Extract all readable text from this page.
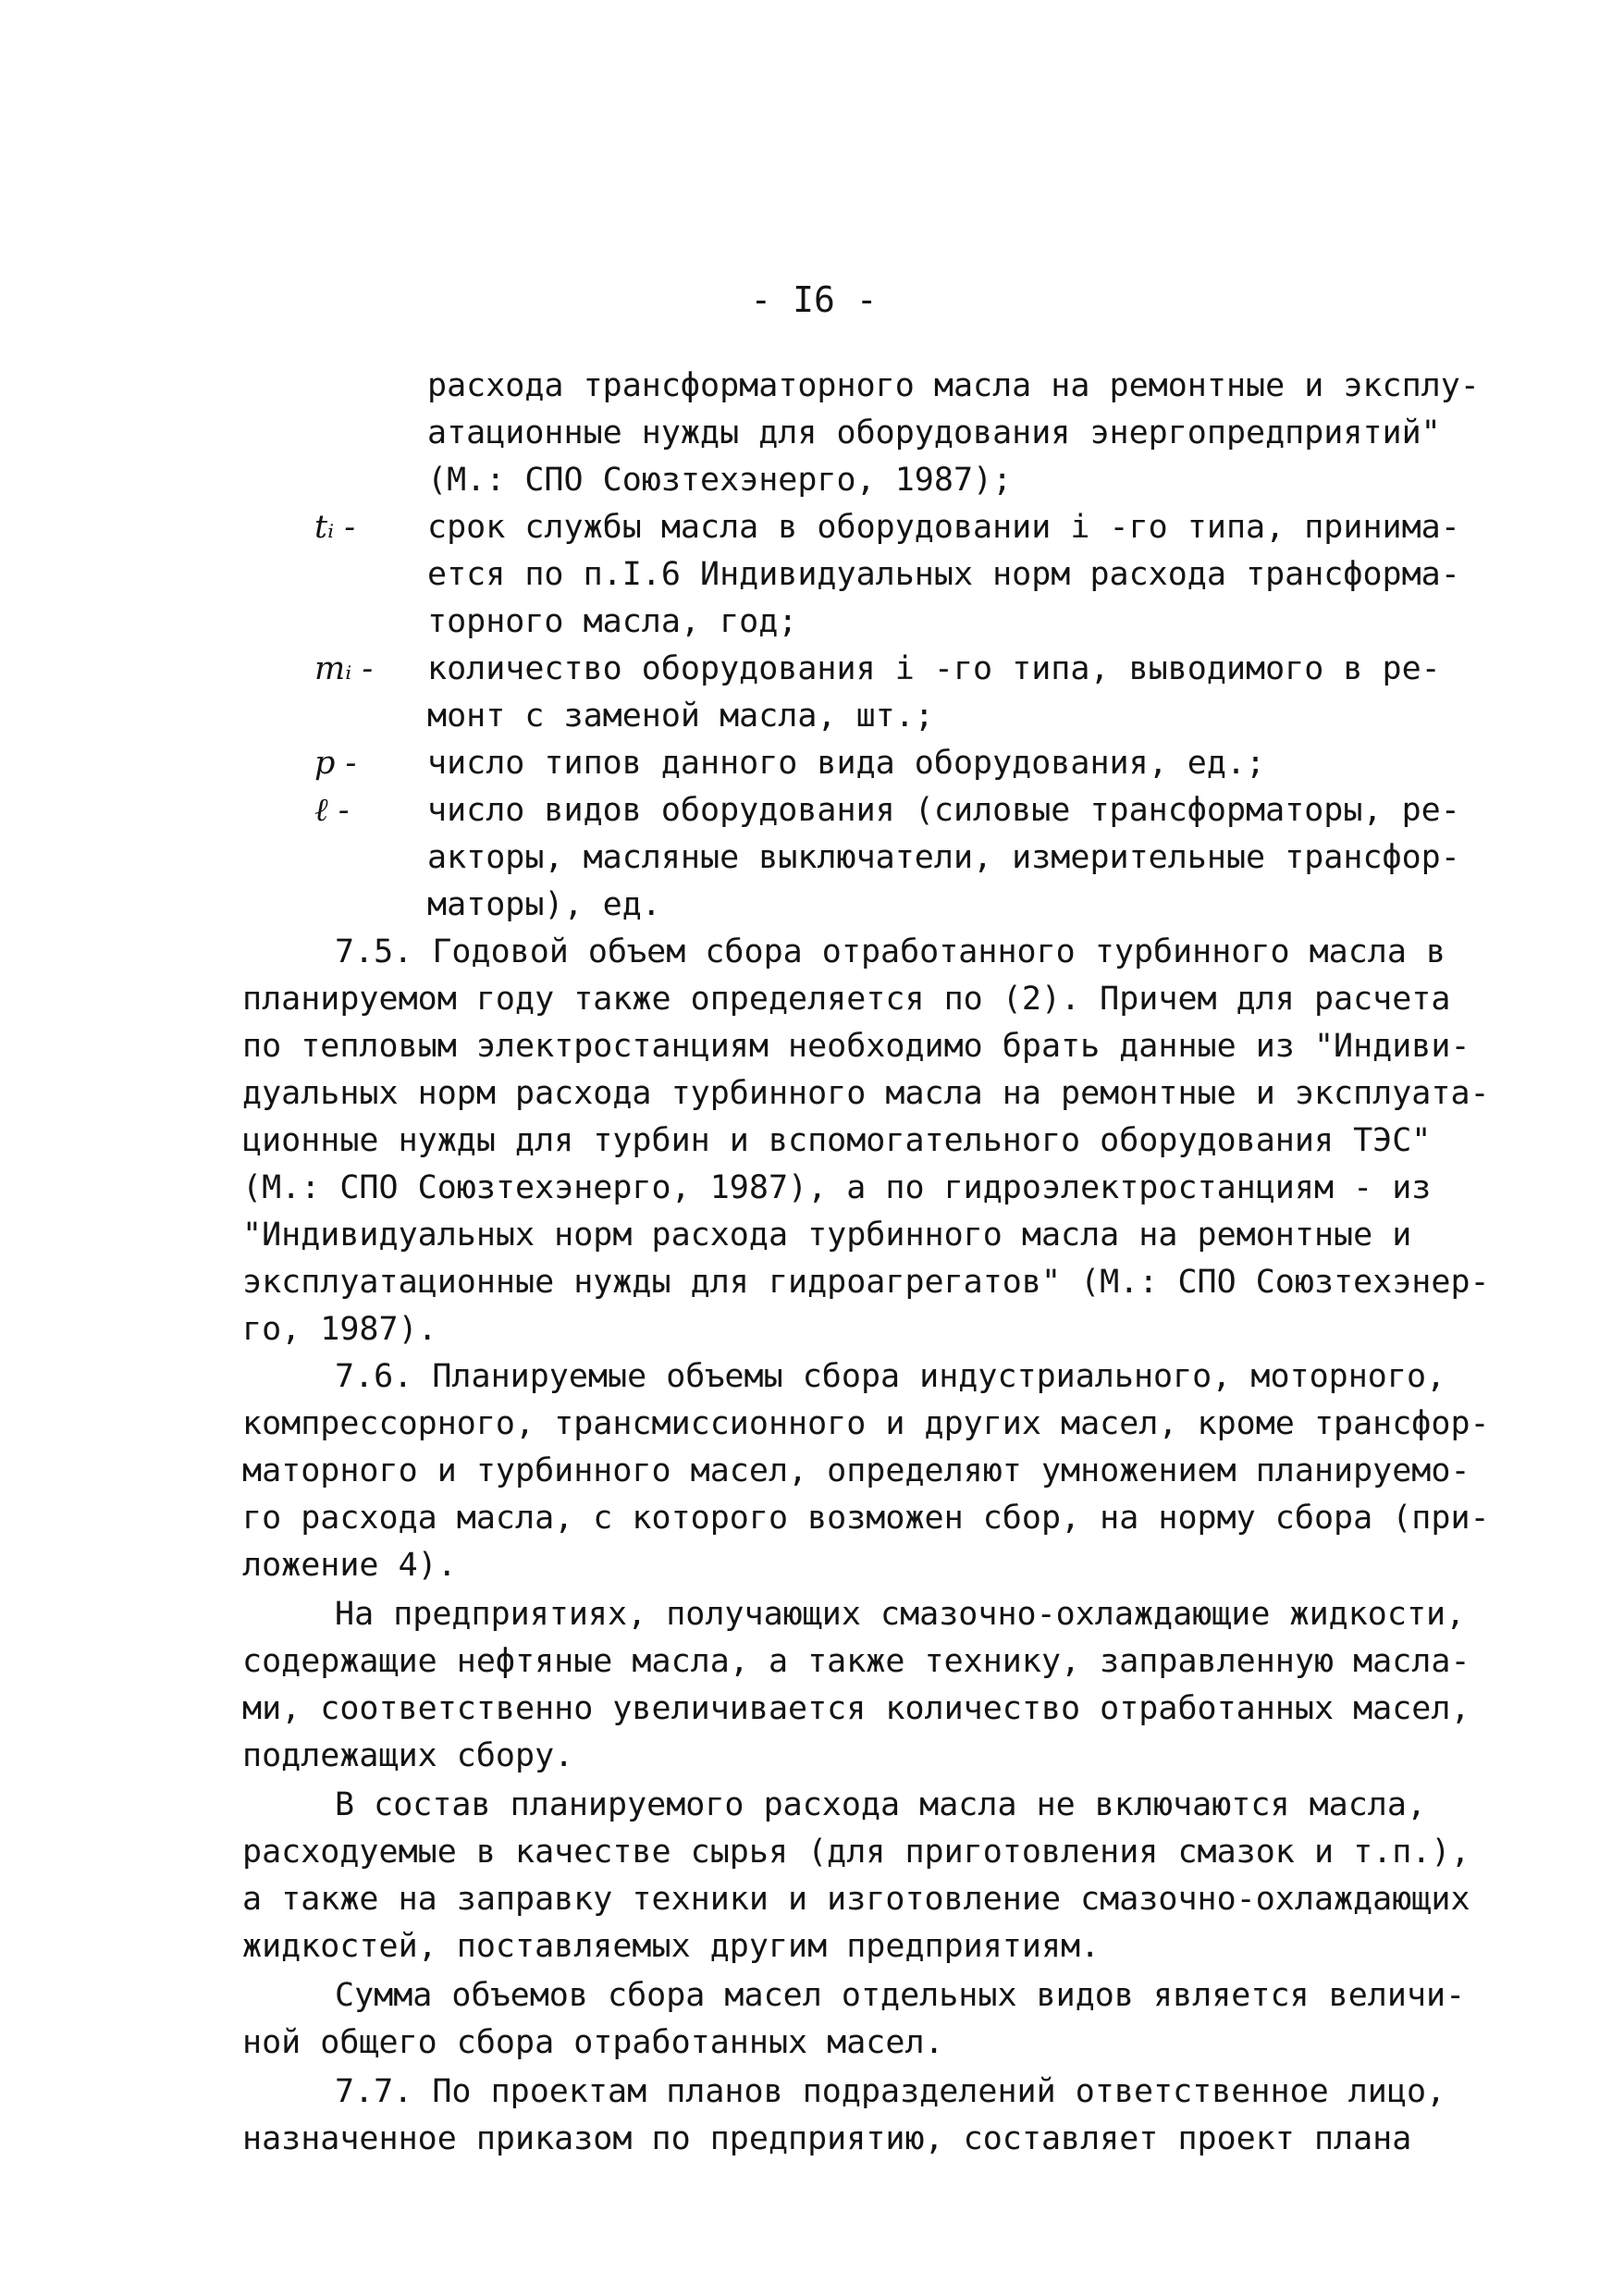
- I6 -
расхода трансформаторного масла на ремонтные и эксплу-
атационные нужды для оборудования энергопредприятий"
(М.: СПО Союзтехэнерго, 1987);
tᵢ -	срок службы масла в оборудовании i -го типа, принима-
ется по п.I.6 Индивидуальных норм расхода трансформа-
торного масла, год;
mᵢ -	количество оборудования i -го типа, выводимого в ре-
монт с заменой масла, шт.;
p -	число типов данного вида оборудования, ед.;
ℓ -	число видов оборудования (силовые трансформаторы, ре-
акторы, масляные выключатели, измерительные трансфор-
маторы), ед.
7.5. Годовой объем сбора отработанного турбинного масла в
планируемом году также определяется по (2). Причем для расчета
по тепловым электростанциям необходимо брать данные из "Индиви-
дуальных норм расхода турбинного масла на ремонтные и эксплуата-
ционные нужды для турбин и вспомогательного оборудования ТЭС"
(М.: СПО Союзтехэнерго, 1987), а по гидроэлектростанциям - из
"Индивидуальных норм расхода турбинного масла на ремонтные и
эксплуатационные нужды для гидроагрегатов" (М.: СПО Союзтехэнер-
го, 1987).
7.6. Планируемые объемы сбора индустриального, моторного,
компрессорного, трансмиссионного и других масел, кроме трансфор-
маторного и турбинного масел, определяют умножением планируемо-
го расхода масла, с которого возможен сбор, на норму сбора (при-
ложение 4).
На предприятиях, получающих смазочно-охлаждающие жидкости,
содержащие нефтяные масла, а также технику, заправленную масла-
ми, соответственно увеличивается количество отработанных масел,
подлежащих сбору.
В состав планируемого расхода масла не включаются масла,
расходуемые в качестве сырья (для приготовления смазок и т.п.),
а также на заправку техники и изготовление смазочно-охлаждающих
жидкостей, поставляемых другим предприятиям.
Сумма объемов сбора масел отдельных видов является величи-
ной общего сбора отработанных масел.
7.7. По проектам планов подразделений ответственное лицо,
назначенное приказом по предприятию, составляет проект плана
